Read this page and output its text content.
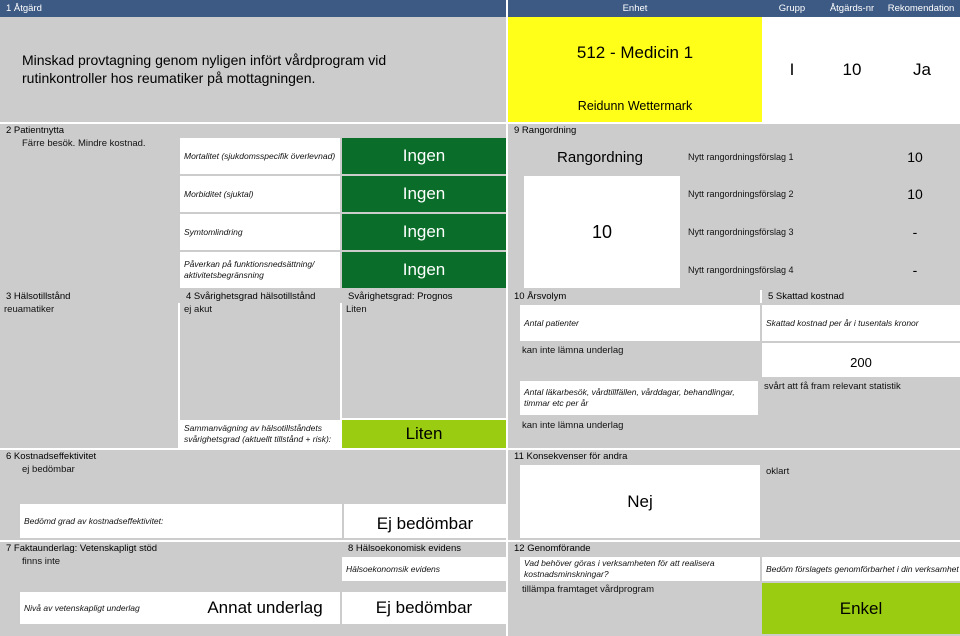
1 Åtgärd	Enhet	Grupp	Åtgärds-nr	Rekomendation
Minskad provtagning genom nyligen infört vårdprogram vid rutinkontroller hos reumatiker på mottagningen.
512 - Medicin 1
Reidunn Wettermark
I	10	Ja
2 Patientnytta
Färre besök. Mindre kostnad.
Mortalitet (sjukdomsspecifik överlevnad)	Ingen
Morbiditet (sjuktal)	Ingen
Symtomlindring	Ingen
Påverkan på funktionsnedsättning/ aktivitetsbegränsning	Ingen
9 Rangordning
Rangordning
10
Nytt rangordningsförslag 1	10
Nytt rangordningsförslag 2	10
Nytt rangordningsförslag 3	-
Nytt rangordningsförslag 4	-
3 Hälsotillstånd	4 Svårighetsgrad hälsotillstånd	Svårighetsgrad: Prognos
reuamatiker	ej akut	Liten
Sammanvägning av hälsotillståndets svårighetsgrad (aktuellt tillstånd + risk):	Liten
10 Årsvolym	5 Skattad kostnad
Antal patienter	Skattad kostnad per år i tusentals kronor
kan inte lämna underlag
200
Antal läkarbesök, vårdtillfällen, vårddagar, behandlingar, timmar etc per år
svårt att få fram relevant statistik
kan inte lämna underlag
6 Kostnadseffektivitet	11 Konsekvenser för andra
ej bedömbar
Bedömd grad av kostnadseffektivitet:	Ej bedömbar
Nej
oklart
7 Faktaunderlag: Vetenskapligt stöd	8 Hälsoekonomisk evidens	12 Genomförande
finns inte
Hälsoekonomsik evidens
Nivå av vetenskapligt underlag	Annat underlag	Ej bedömbar
Vad behöver göras i verksamheten för att realisera kostnadsminskningar?
Bedöm förslagets genomförbarhet i din verksamhet
tillämpa framtaget vårdprogram
Enkel
